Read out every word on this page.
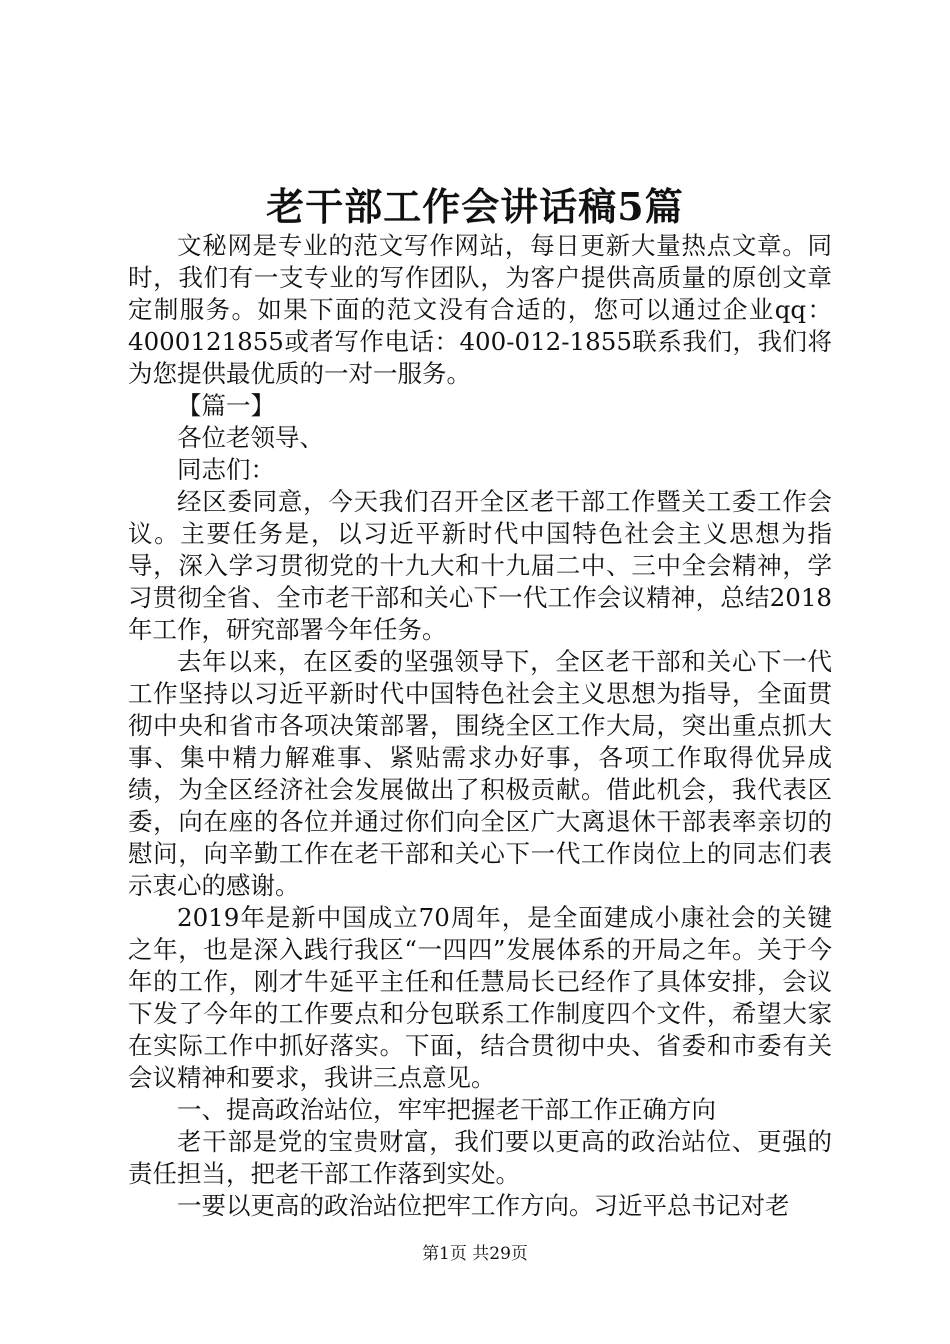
老干部工作会讲话稿5篇

文秘网是专业的范文写作网站，每日更新大量热点文章。同时，我们有一支专业的写作团队，为客户提供高质量的原创文章定制服务。如果下面的范文没有合适的，您可以通过企业qq：4000121855或者写作电话：400-012-1855联系我们，我们将为您提供最优质的一对一服务。

【篇一】

各位老领导、

同志们：

经区委同意，今天我们召开全区老干部工作暨关工委工作会议。主要任务是，以习近平新时代中国特色社会主义思想为指导，深入学习贯彻党的十九大和十九届二中、三中全会精神，学习贯彻全省、全市老干部和关心下一代工作会议精神，总结2018年工作，研究部署今年任务。

去年以来，在区委的坚强领导下，全区老干部和关心下一代工作坚持以习近平新时代中国特色社会主义思想为指导，全面贯彻中央和省市各项决策部署，围绕全区工作大局，突出重点抓大事、集中精力解难事、紧贴需求办好事，各项工作取得优异成绩，为全区经济社会发展做出了积极贡献。借此机会，我代表区委，向在座的各位并通过你们向全区广大离退休干部表率亲切的慰问，向辛勤工作在老干部和关心下一代工作岗位上的同志们表示衷心的感谢。

2019年是新中国成立70周年，是全面建成小康社会的关键之年，也是深入践行我区“一四四”发展体系的开局之年。关于今年的工作，刚才牛延平主任和任慧局长已经作了具体安排，会议下发了今年的工作要点和分包联系工作制度四个文件，希望大家在实际工作中抓好落实。下面，结合贯彻中央、省委和市委有关会议精神和要求，我讲三点意见。

一、提高政治站位，牢牢把握老干部工作正确方向

老干部是党的宝贵财富，我们要以更高的政治站位、更强的责任担当，把老干部工作落到实处。

一要以更高的政治站位把牢工作方向。习近平总书记对老

第1页 共29页
